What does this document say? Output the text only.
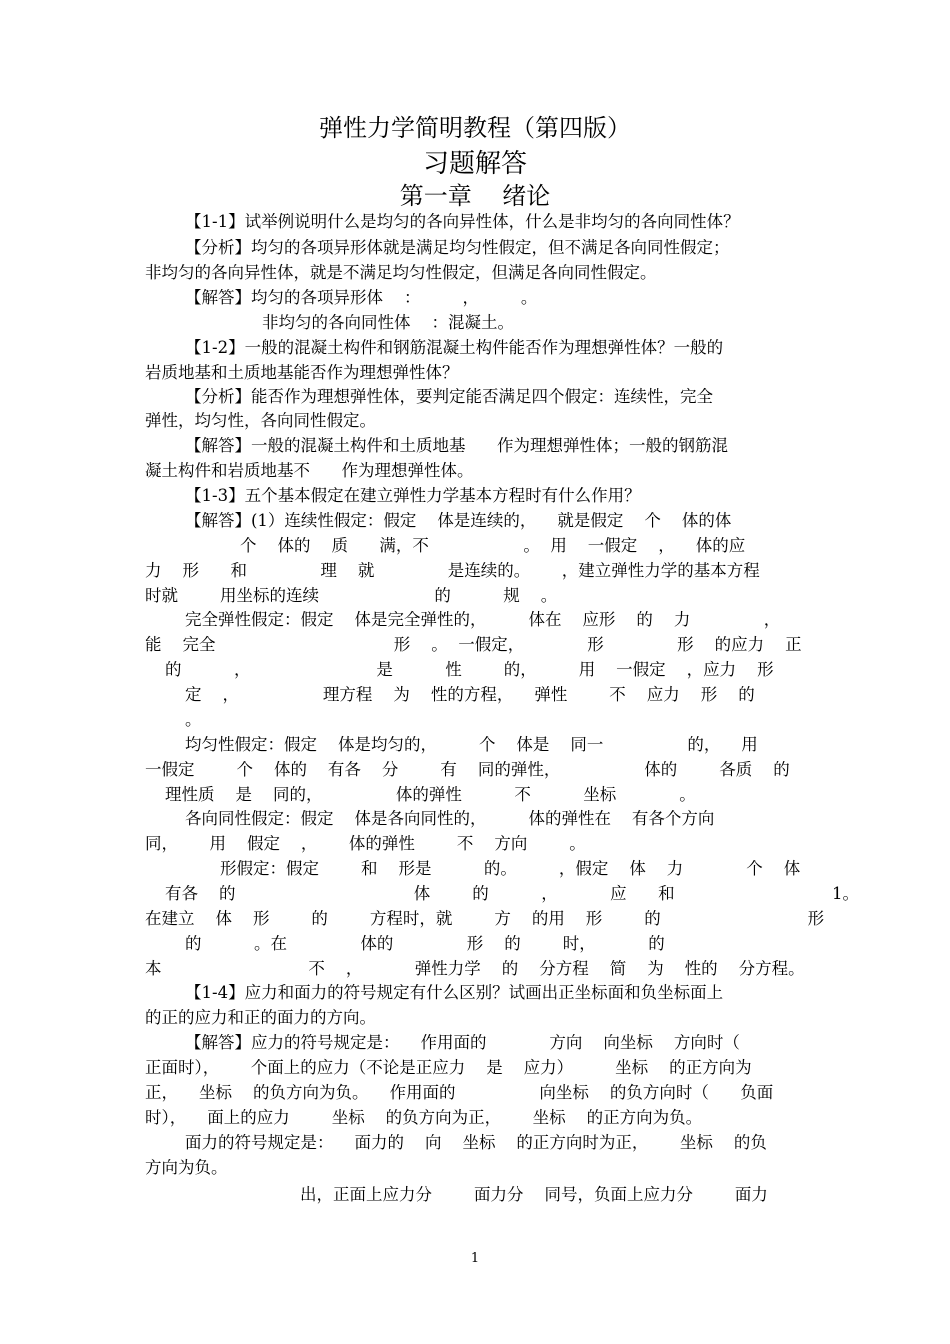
弹性力学简明教程（第四版）
习题解答
第一章    绪论
【1-1】试举例说明什么是均匀的各向异性体，什么是非均匀的各向同性体？
【分析】均匀的各项异形体就是满足均匀性假定，但不满足各向同性假定；
非均匀的各向异性体，就是不满足均匀性假定，但满足各向同性假定。
【解答】均匀的各项异形体    ：        ，        。
非均匀的各向同性体    ：混凝土。
【1-2】一般的混凝土构件和钢筋混凝土构件能否作为理想弹性体？一般的
岩质地基和土质地基能否作为理想弹性体？
【分析】能否作为理想弹性体，要判定能否满足四个假定：连续性，完全
弹性，均匀性，各向同性假定。
【解答】一般的混凝土构件和土质地基      作为理想弹性体；一般的钢筋混
凝土构件和岩质地基不      作为理想弹性体。
【1-3】五个基本假定在建立弹性力学基本方程时有什么作用？
【解答】(1）连续性假定：假定    体是连续的，    就是假定    个    体的体
个    体的    质      满，不                  。  用    一假定    ，    体的应
力    形      和              理    就              是连续的。      ，建立弹性力学的基本方程
时就        用坐标的连续                      的          规    。
完全弹性假定：假定    体是完全弹性的，        体在    应形    的    力              ，
能    完全                                  形    。  一假定，            形              形    的应力    正
的          ，                        是          性        的，        用    一假定    ，应力    形
定    ，                理方程    为    性的方程，    弹性        不    应力    形    的
。
均匀性假定：假定    体是均匀的，        个    体是    同一                的，    用
一假定        个    体的    有各    分        有    同的弹性，                体的        各质    的
理性质    是    同的，              体的弹性          不          坐标            。
各向同性假定：假定    体是各向同性的，        体的弹性在    有各个方向
同，      用    假定    ，      体的弹性        不    方向        。
形假定：假定        和    形是          的。        ，假定    体    力            个    体
有各    的                                  体        的          ，          应      和                              1。
在建立    体    形        的        方程时，就        方    的用    形        的                            形
的          。在              体的              形    的        时，          的
本                            不    ，          弹性力学    的    分方程    简    为    性的    分方程。
【1-4】应力和面力的符号规定有什么区别？试画出正坐标面和负坐标面上
的正的应力和正的面力的方向。
【解答】应力的符号规定是：    作用面的            方向    向坐标    方向时（
正面时），      个面上的应力（不论是正应力    是    应力）        坐标    的正方向为
正，    坐标    的负方向为负。    作用面的                向坐标    的负方向时（      负面
时），    面上的应力        坐标    的负方向为正，      坐标    的正方向为负。
面力的符号规定是：    面力的    向    坐标    的正方向时为正，      坐标    的负
方向为负。
出，正面上应力分        面力分    同号，负面上应力分        面力
1
